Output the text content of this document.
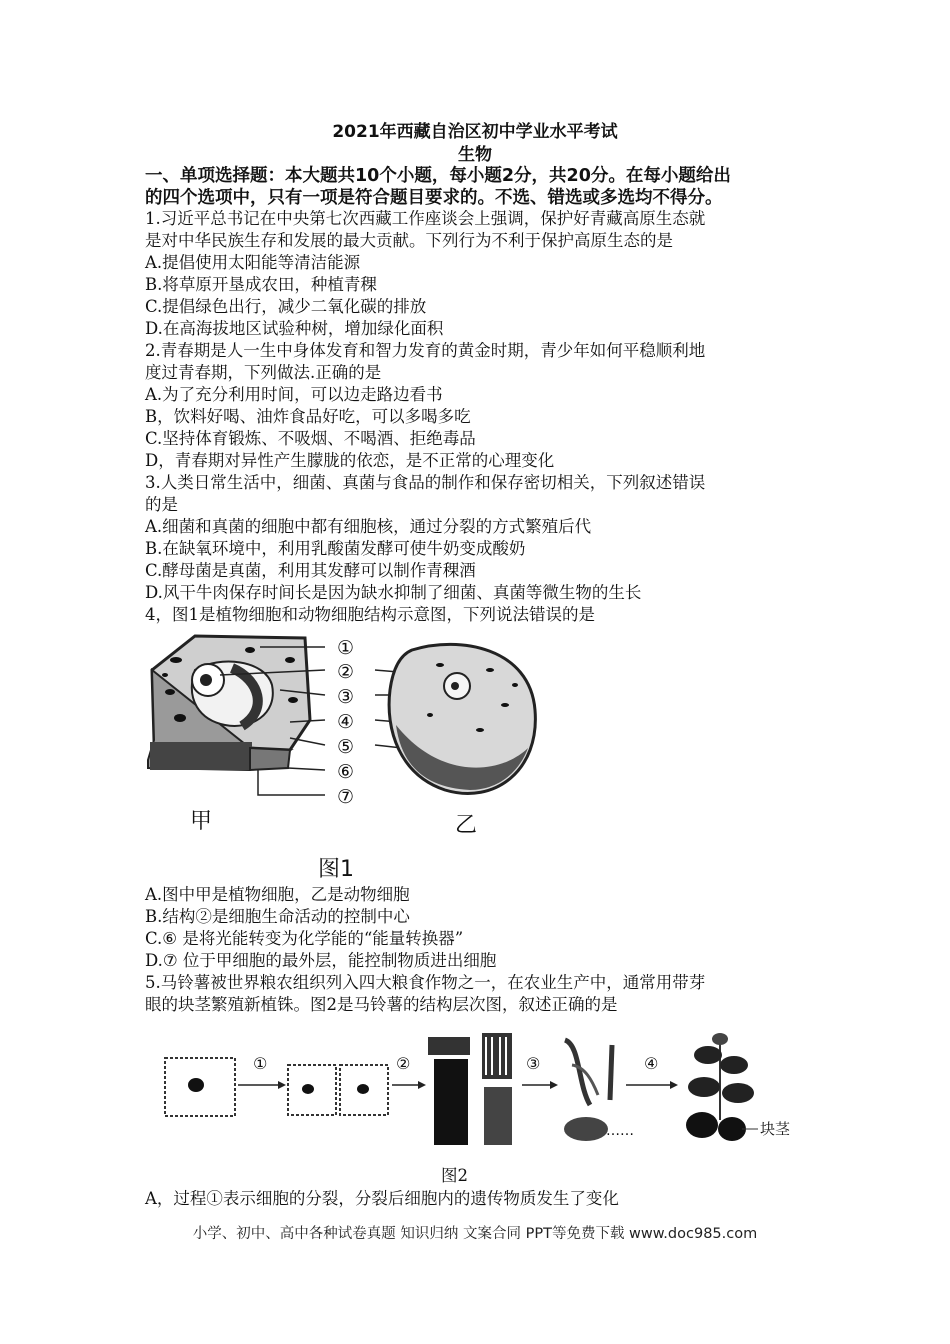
2021年西藏自治区初中学业水平考试
生物
一、单项选择题：本大题共10个小题，每小题2分，共20分。在每小题给出
的四个选项中，只有一项是符合题目要求的。不选、错选或多选均不得分。
1.习近平总书记在中央第七次西藏工作座谈会上强调，保护好青藏高原生态就
是对中华民族生存和发展的最大贡献。下列行为不利于保护高原生态的是
A.提倡使用太阳能等清洁能源
B.将草原开垦成农田，种植青稞
C.提倡绿色出行，减少二氧化碳的排放
D.在高海拔地区试验种树，增加绿化面积
2.青春期是人一生中身体发育和智力发育的黄金时期，青少年如何平稳顺利地
度过青春期，下列做法.正确的是
A.为了充分利用时间，可以边走路边看书
B，饮料好喝、油炸食品好吃，可以多喝多吃
C.坚持体育锻炼、不吸烟、不喝酒、拒绝毒品
D，青春期对异性产生朦胧的依恋，是不正常的心理变化
3.人类日常生活中，细菌、真菌与食品的制作和保存密切相关，下列叙述错误
的是
A.细菌和真菌的细胞中都有细胞核，通过分裂的方式繁殖后代
B.在缺氧环境中，利用乳酸菌发酵可使牛奶变成酸奶
C.酵母菌是真菌，利用其发酵可以制作青稞酒
D.风干牛肉保存时间长是因为缺水抑制了细菌、真菌等微生物的生长
4，图1是植物细胞和动物细胞结构示意图，下列说法错误的是
①
②
③
④
⑤
⑥
⑦
甲	乙
图1
A.图中甲是植物细胞，乙是动物细胞
B.结构②是细胞生命活动的控制中心
C.⑥ 是将光能转变为化学能的“能量转换器”
D.⑦ 位于甲细胞的最外层，能控制物质进出细胞
5.马铃薯被世界粮农组织列入四大粮食作物之一，在农业生产中，通常用带芽
眼的块茎繁殖新植铢。图2是马铃薯的结构层次图，叙述正确的是
①	②	③
……
④
块茎
图2
A，过程①表示细胞的分裂，分裂后细胞内的遗传物质发生了变化
小学、初中、高中各种试卷真题 知识归纳 文案合同 PPT等免费下载 www.doc985.com
